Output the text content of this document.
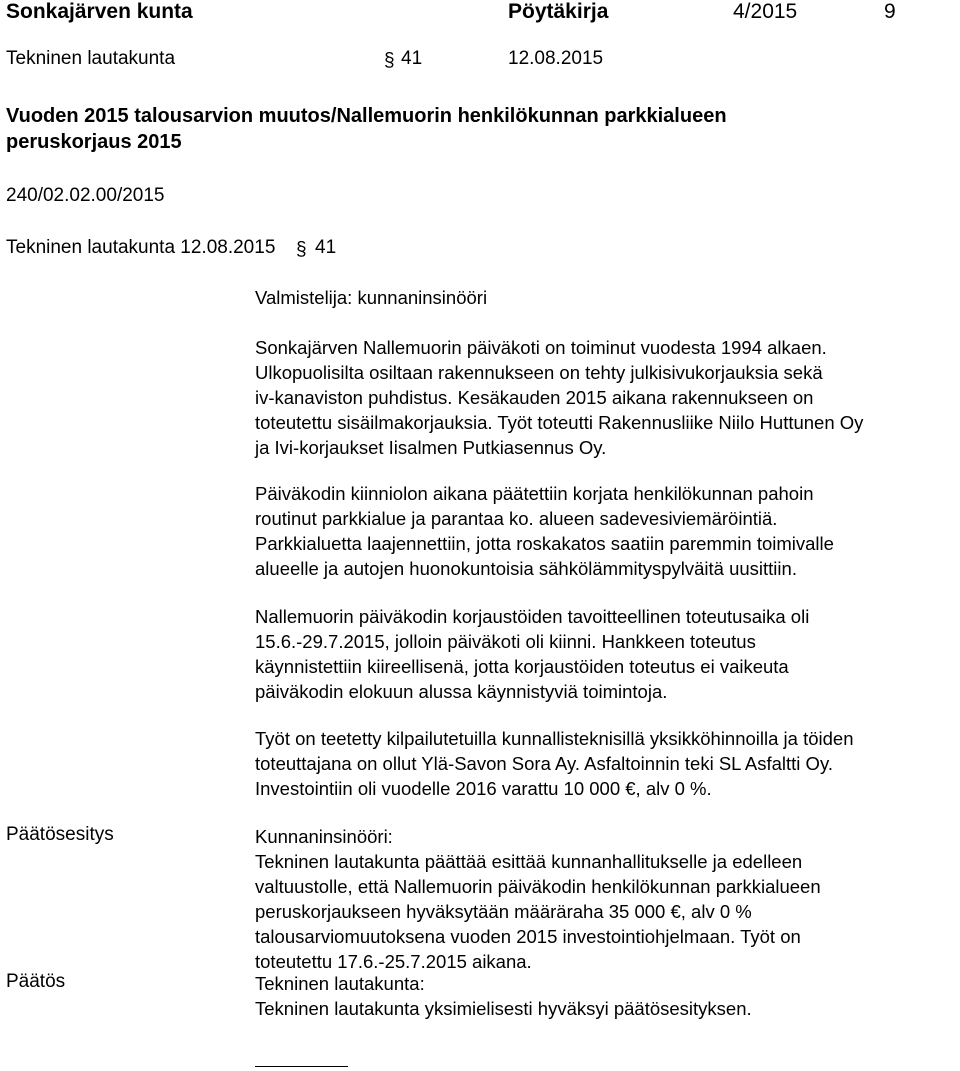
Sonkajärven kunta	Pöytäkirja	4/2015	9
Tekninen lautakunta	§ 41	12.08.2015
Vuoden 2015 talousarvion muutos/Nallemuorin henkilökunnan parkkialueen
peruskorjaus 2015
240/02.02.00/2015
Tekninen lautakunta 12.08.2015 § 41
Valmistelija: kunnaninsinööri

Sonkajärven Nallemuorin päiväkoti on toiminut vuodesta 1994 alkaen.

Ulkopuolisilta osiltaan rakennukseen on tehty julkisivukorjauksia sekä

iv-kanaviston puhdistus. Kesäkauden 2015 aikana rakennukseen on

toteutettu sisäilmakorjauksia. Työt toteutti Rakennusliike Niilo Huttunen Oy

ja Ivi-korjaukset Iisalmen Putkiasennus Oy.

Päiväkodin kiinniolon aikana päätettiin korjata henkilökunnan pahoin

routinut parkkialue ja parantaa ko. alueen sadevesiviemäröintiä.

Parkkialuetta laajennettiin, jotta roskakatos saatiin paremmin toimivalle

alueelle ja autojen huonokuntoisia sähkölämmityspylväitä uusittiin.

Nallemuorin päiväkodin korjaustöiden tavoitteellinen toteutusaika oli

15.6.-29.7.2015, jolloin päiväkoti oli kiinni. Hankkeen toteutus

käynnistettiin kiireellisenä, jotta korjaustöiden toteutus ei vaikeuta

päiväkodin elokuun alussa käynnistyviä toimintoja.

Työt on teetetty kilpailutetuilla kunnallisteknisillä yksikköhinnoilla ja töiden

toteuttajana on ollut Ylä-Savon Sora Ay. Asfaltoinnin teki SL Asfaltti Oy.

Investointiin oli vuodelle 2016 varattu 10 000 €, alv 0 %.

Päätösesitys	Kunnaninsinööri:

Tekninen lautakunta päättää esittää kunnanhallitukselle ja edelleen

valtuustolle, että Nallemuorin päiväkodin henkilökunnan parkkialueen

peruskorjaukseen hyväksytään määräraha 35 000 €, alv 0 %

talousarviomuutoksena vuoden 2015 investointiohjelmaan. Työt on

toteutettu 17.6.-25.7.2015 aikana.

Päätös	Tekninen lautakunta:

Tekninen lautakunta yksimielisesti hyväksyi päätösesityksen.
